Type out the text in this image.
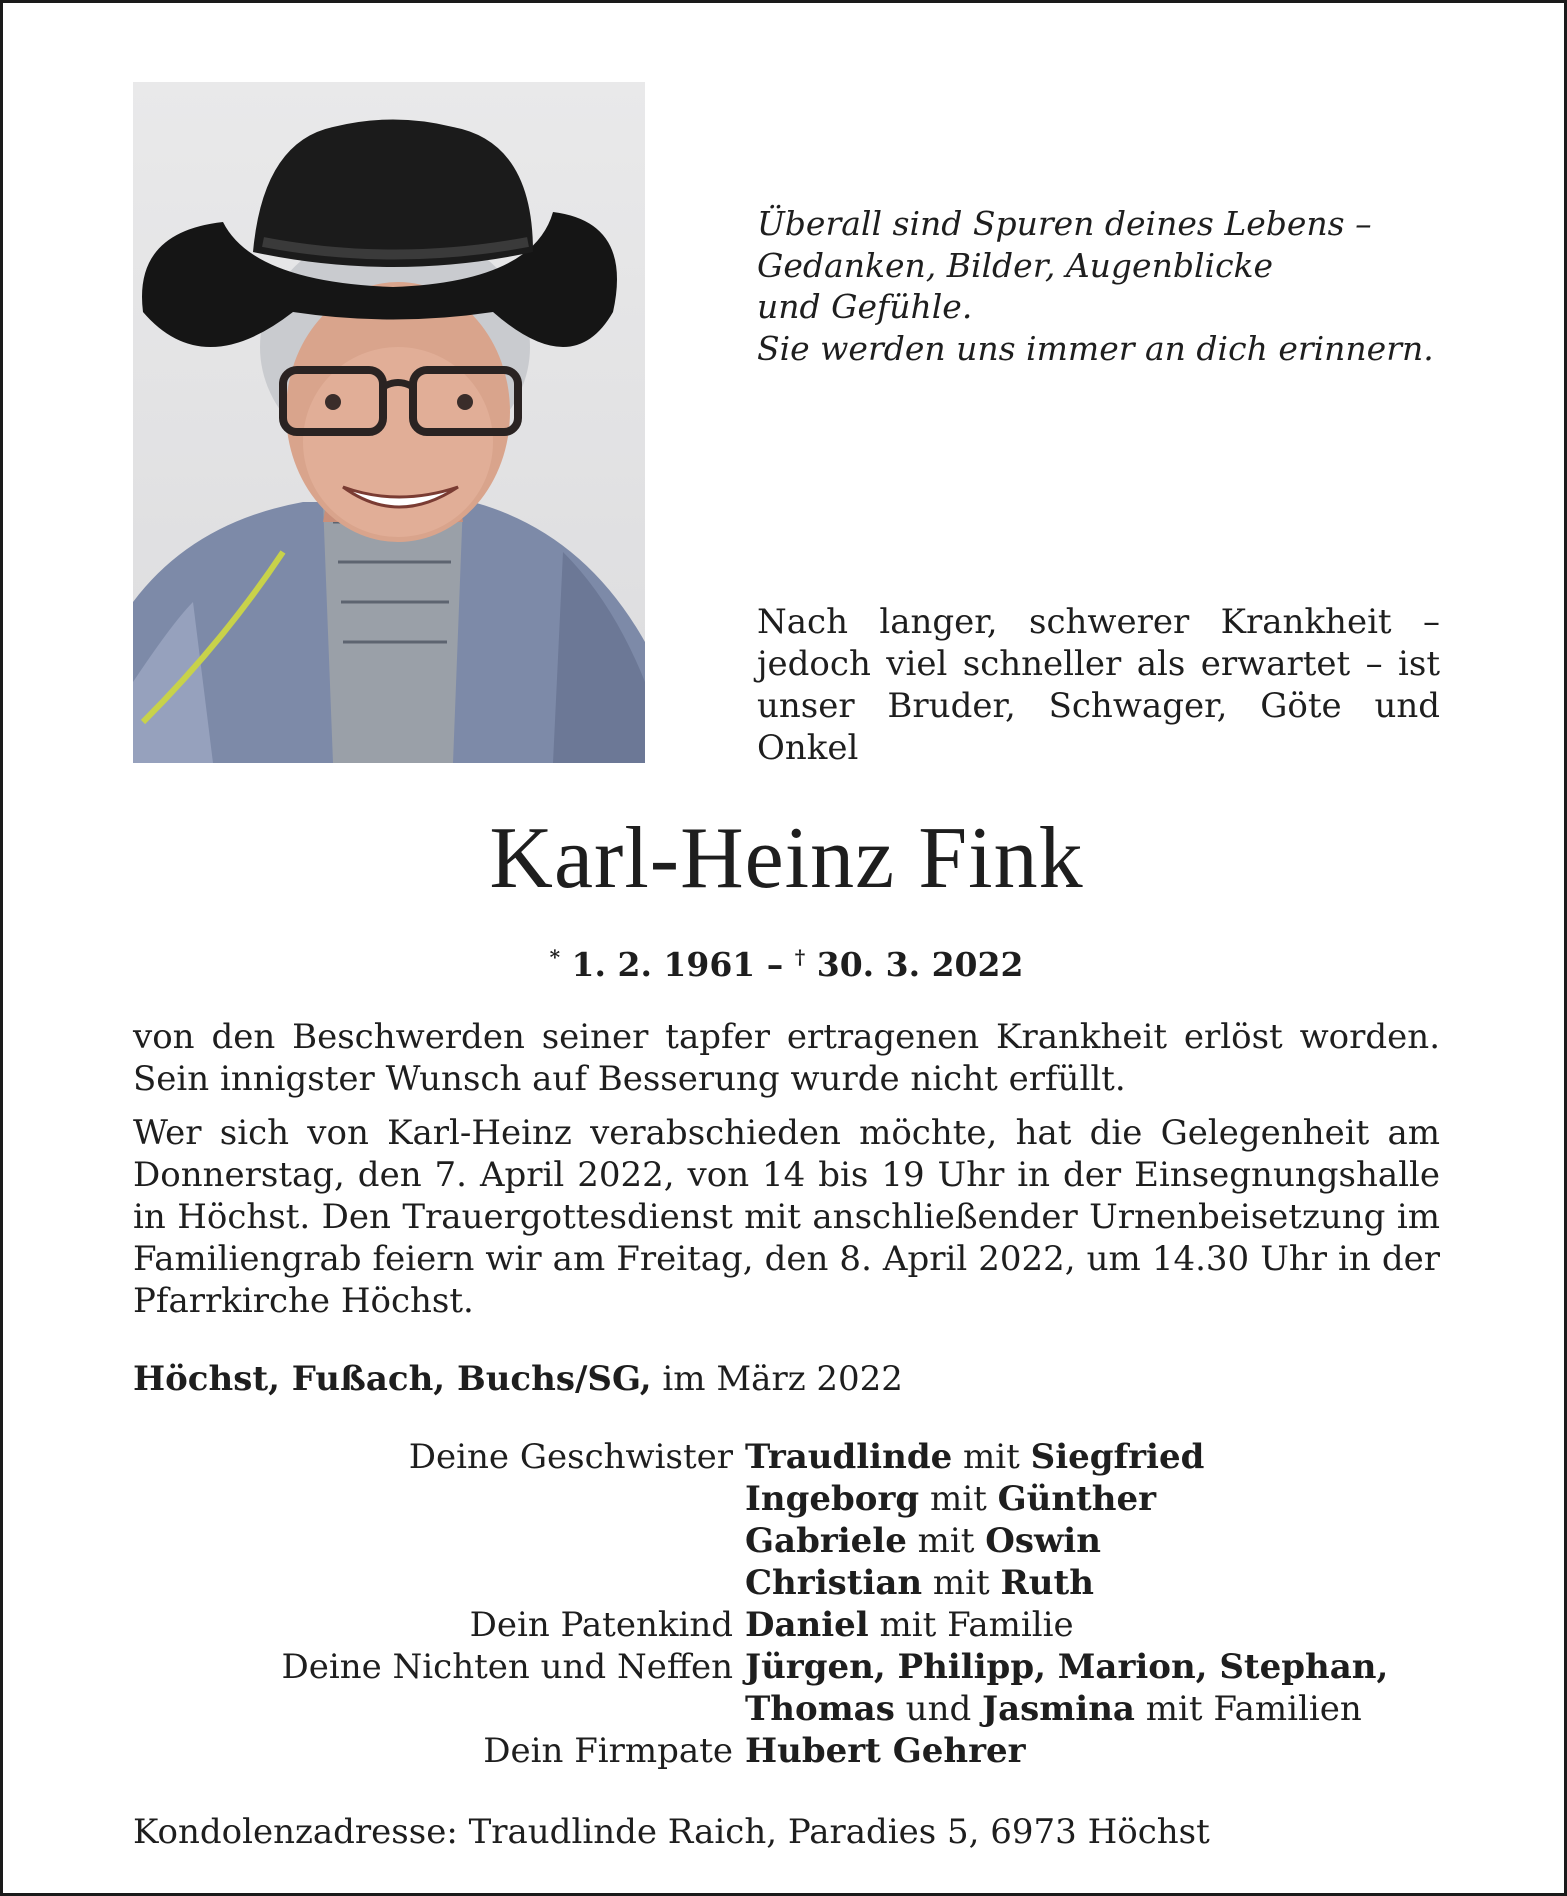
Überall sind Spuren deines Lebens –
Gedanken, Bilder, Augenblicke
und Gefühle.
Sie werden uns immer an dich erinnern.
Nach langer, schwerer Krankheit – jedoch viel schneller als erwartet – ist unser Bruder, Schwager, Göte und Onkel
Karl-Heinz Fink
* 1. 2. 1961 – † 30. 3. 2022

von den Beschwerden seiner tapfer ertragenen Krankheit erlöst worden. Sein innigster Wunsch auf Besserung wurde nicht erfüllt.

Wer sich von Karl-Heinz verabschieden möchte, hat die Gelegenheit am Donnerstag, den 7. April 2022, von 14 bis 19 Uhr in der Einsegnungshalle in Höchst. Den Trauergottesdienst mit anschließender Urnenbeisetzung im Familiengrab feiern wir am Freitag, den 8. April 2022, um 14.30 Uhr in der Pfarrkirche Höchst.

Höchst, Fußach, Buchs/SG, im März 2022
Deine Geschwister Traudlinde mit Siegfried
Ingeborg mit Günther
Gabriele mit Oswin
Christian mit Ruth
Dein Patenkind Daniel mit Familie
Deine Nichten und Neffen Jürgen, Philipp, Marion, Stephan,
Thomas und Jasmina mit Familien
Dein Firmpate Hubert Gehrer
Kondolenzadresse: Traudlinde Raich, Paradies 5, 6973 Höchst
